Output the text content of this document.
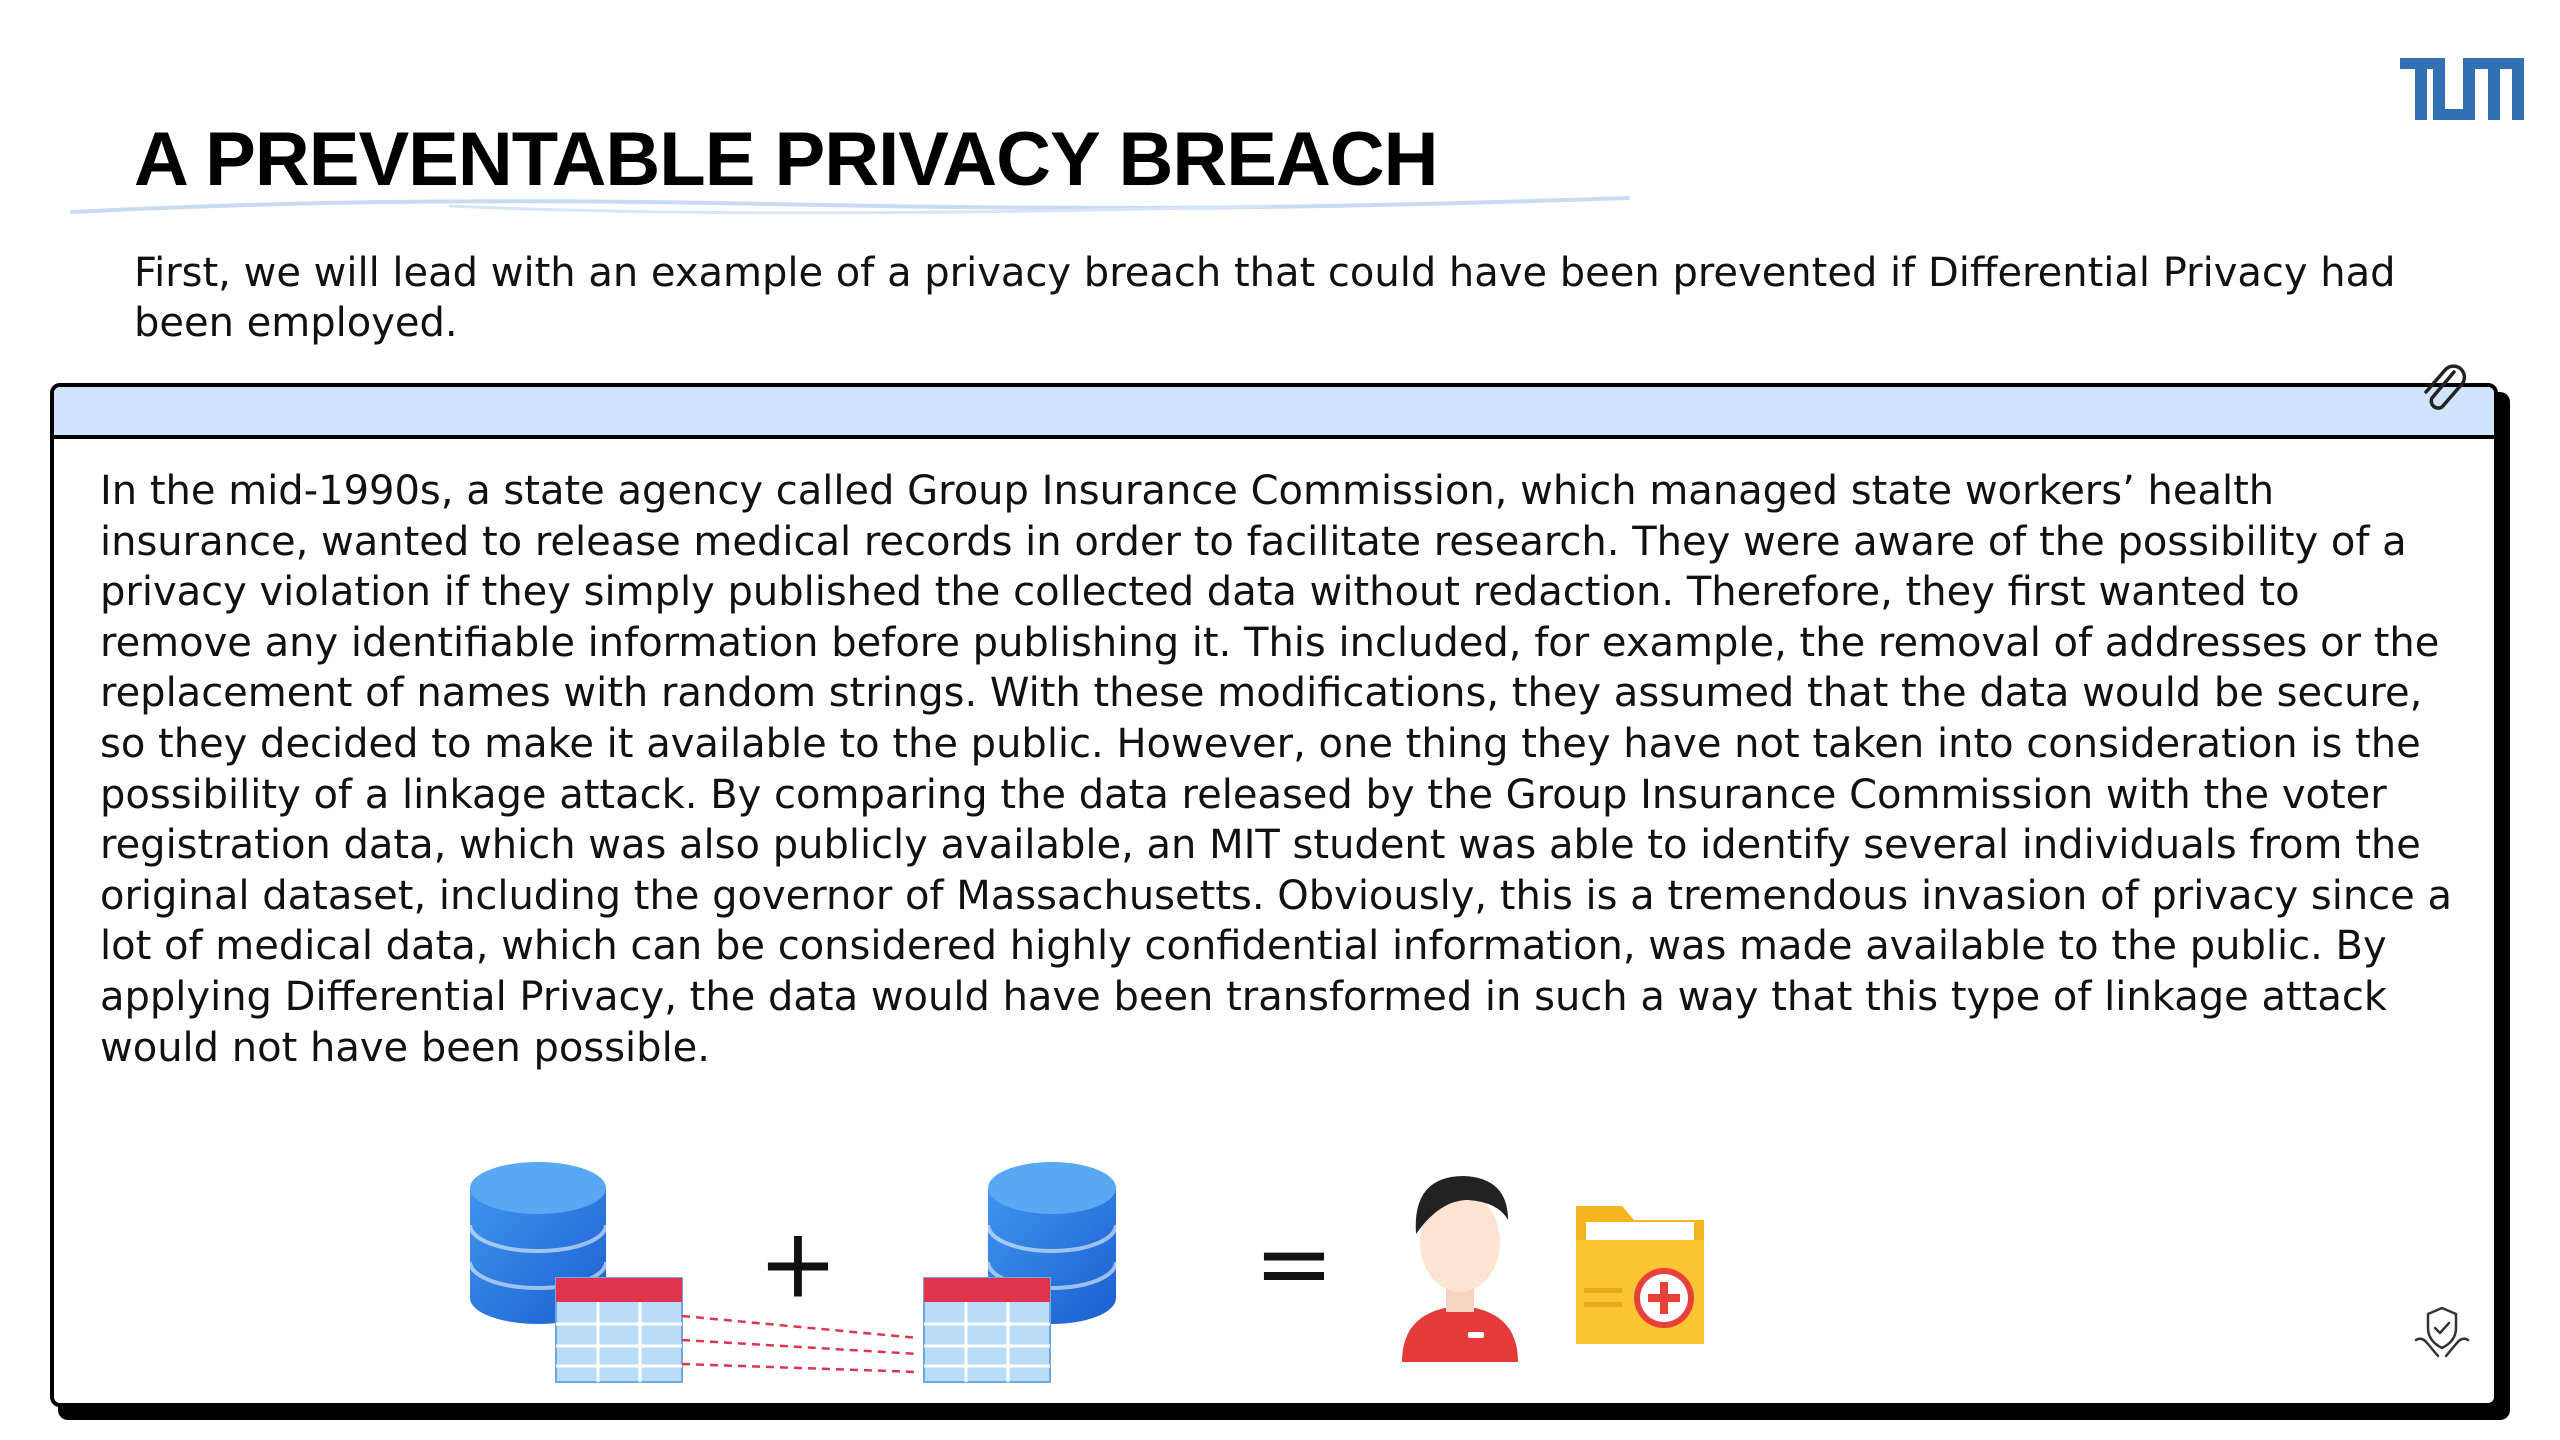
A PREVENTABLE PRIVACY BREACH

First, we will lead with an example of a privacy breach that could have been prevented if Differential Privacy had been employed.

In the mid-1990s, a state agency called Group Insurance Commission, which managed state workers’ health insurance, wanted to release medical records in order to facilitate research. They were aware of the possibility of a privacy violation if they simply published the collected data without redaction. Therefore, they first wanted to remove any identifiable information before publishing it. This included, for example, the removal of addresses or the replacement of names with random strings. With these modifications, they assumed that the data would be secure, so they decided to make it available to the public. However, one thing they have not taken into consideration is the possibility of a linkage attack. By comparing the data released by the Group Insurance Commission with the voter registration data, which was also publicly available, an MIT student was able to identify several individuals from the original dataset, including the governor of Massachusetts. Obviously, this is a tremendous invasion of privacy since a lot of medical data, which can be considered highly confidential information, was made available to the public. By applying Differential Privacy, the data would have been transformed in such a way that this type of linkage attack would not have been possible.

+	=
